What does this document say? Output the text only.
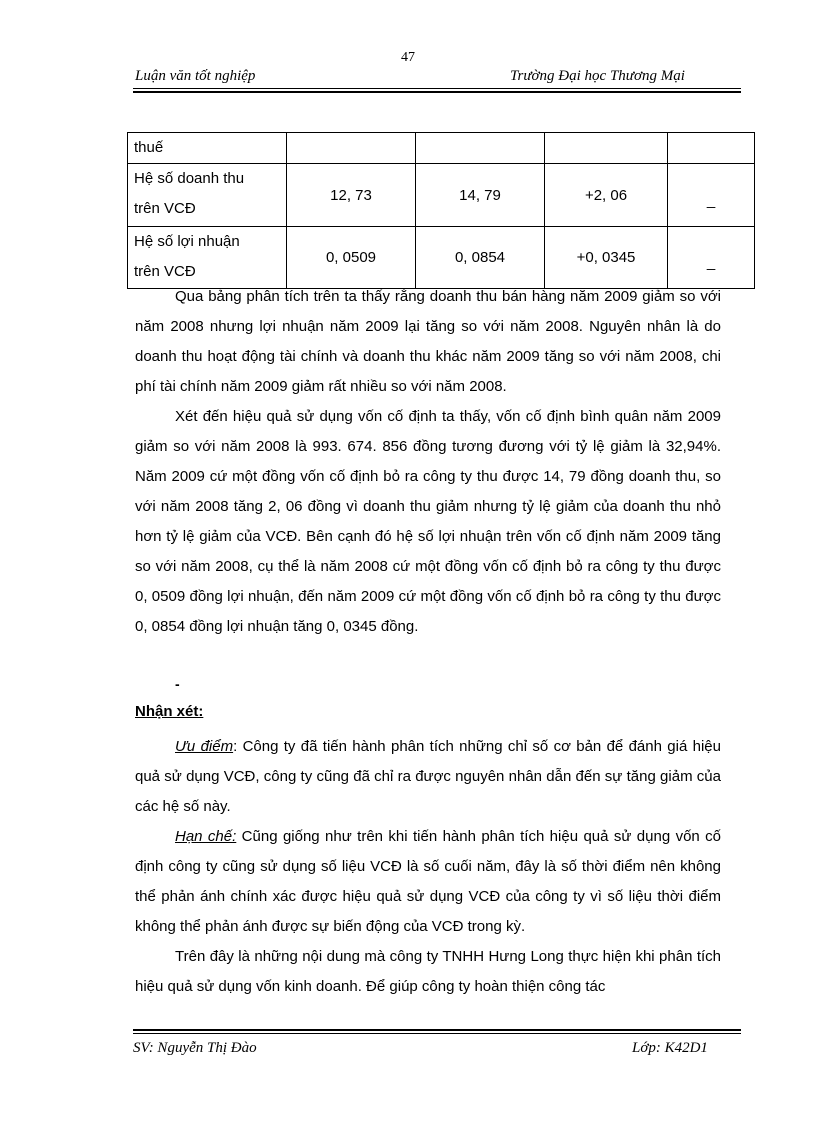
47
Luận văn tốt nghiệp	Trường Đại học Thương Mại
thuế				

Hệ số doanh thu
trên VCĐ	12, 73	14, 79	+2, 06	_

Hệ số lợi nhuận
trên VCĐ	0, 0509	0, 0854	+0, 0345	_

Qua bảng phân tích trên ta thấy rằng doanh thu bán hàng năm 2009 giảm so với năm 2008 nhưng lợi nhuận năm 2009 lại tăng so với năm 2008. Nguyên nhân là do doanh thu hoạt động tài chính và doanh thu khác năm 2009 tăng so với năm 2008, chi phí tài chính năm 2009 giảm rất nhiều so với năm 2008.

Xét đến hiệu quả sử dụng vốn cố định ta thấy, vốn cố định bình quân năm 2009 giảm so với năm 2008 là 993. 674. 856 đồng tương đương với tỷ lệ giảm là 32,94%. Năm 2009 cứ một đồng vốn cố định bỏ ra công ty thu được 14, 79 đồng doanh thu, so với năm 2008 tăng 2, 06 đồng vì doanh thu giảm nhưng tỷ lệ giảm của doanh thu nhỏ hơn tỷ lệ giảm của VCĐ. Bên cạnh đó hệ số lợi nhuận trên vốn cố định năm 2009 tăng so với năm 2008, cụ thể là năm 2008 cứ một đồng vốn cố định bỏ ra công ty thu được 0, 0509 đồng lợi nhuận, đến năm 2009 cứ một đồng vốn cố định bỏ ra công ty thu được 0, 0854 đồng lợi nhuận tăng 0, 0345 đồng.

-
Nhận xét:

Ưu điểm: Công ty đã tiến hành phân tích những chỉ số cơ bản để đánh giá hiệu quả sử dụng VCĐ, công ty cũng đã chỉ ra được nguyên nhân dẫn đến sự tăng giảm của các hệ số này.

Hạn chế: Cũng giống như trên khi tiến hành phân tích hiệu quả sử dụng vốn cố định công ty cũng sử dụng số liệu VCĐ là số cuối năm, đây là số thời điểm nên không thể phản ánh chính xác được hiệu quả sử dụng VCĐ của công ty vì số liệu thời điểm không thể phản ánh được sự biến động của VCĐ trong kỳ.

Trên đây là những nội dung mà công ty TNHH Hưng Long thực hiện khi phân tích hiệu quả sử dụng vốn kinh doanh. Để giúp công ty hoàn thiện công tác

SV: Nguyễn Thị Đào	Lớp: K42D1
